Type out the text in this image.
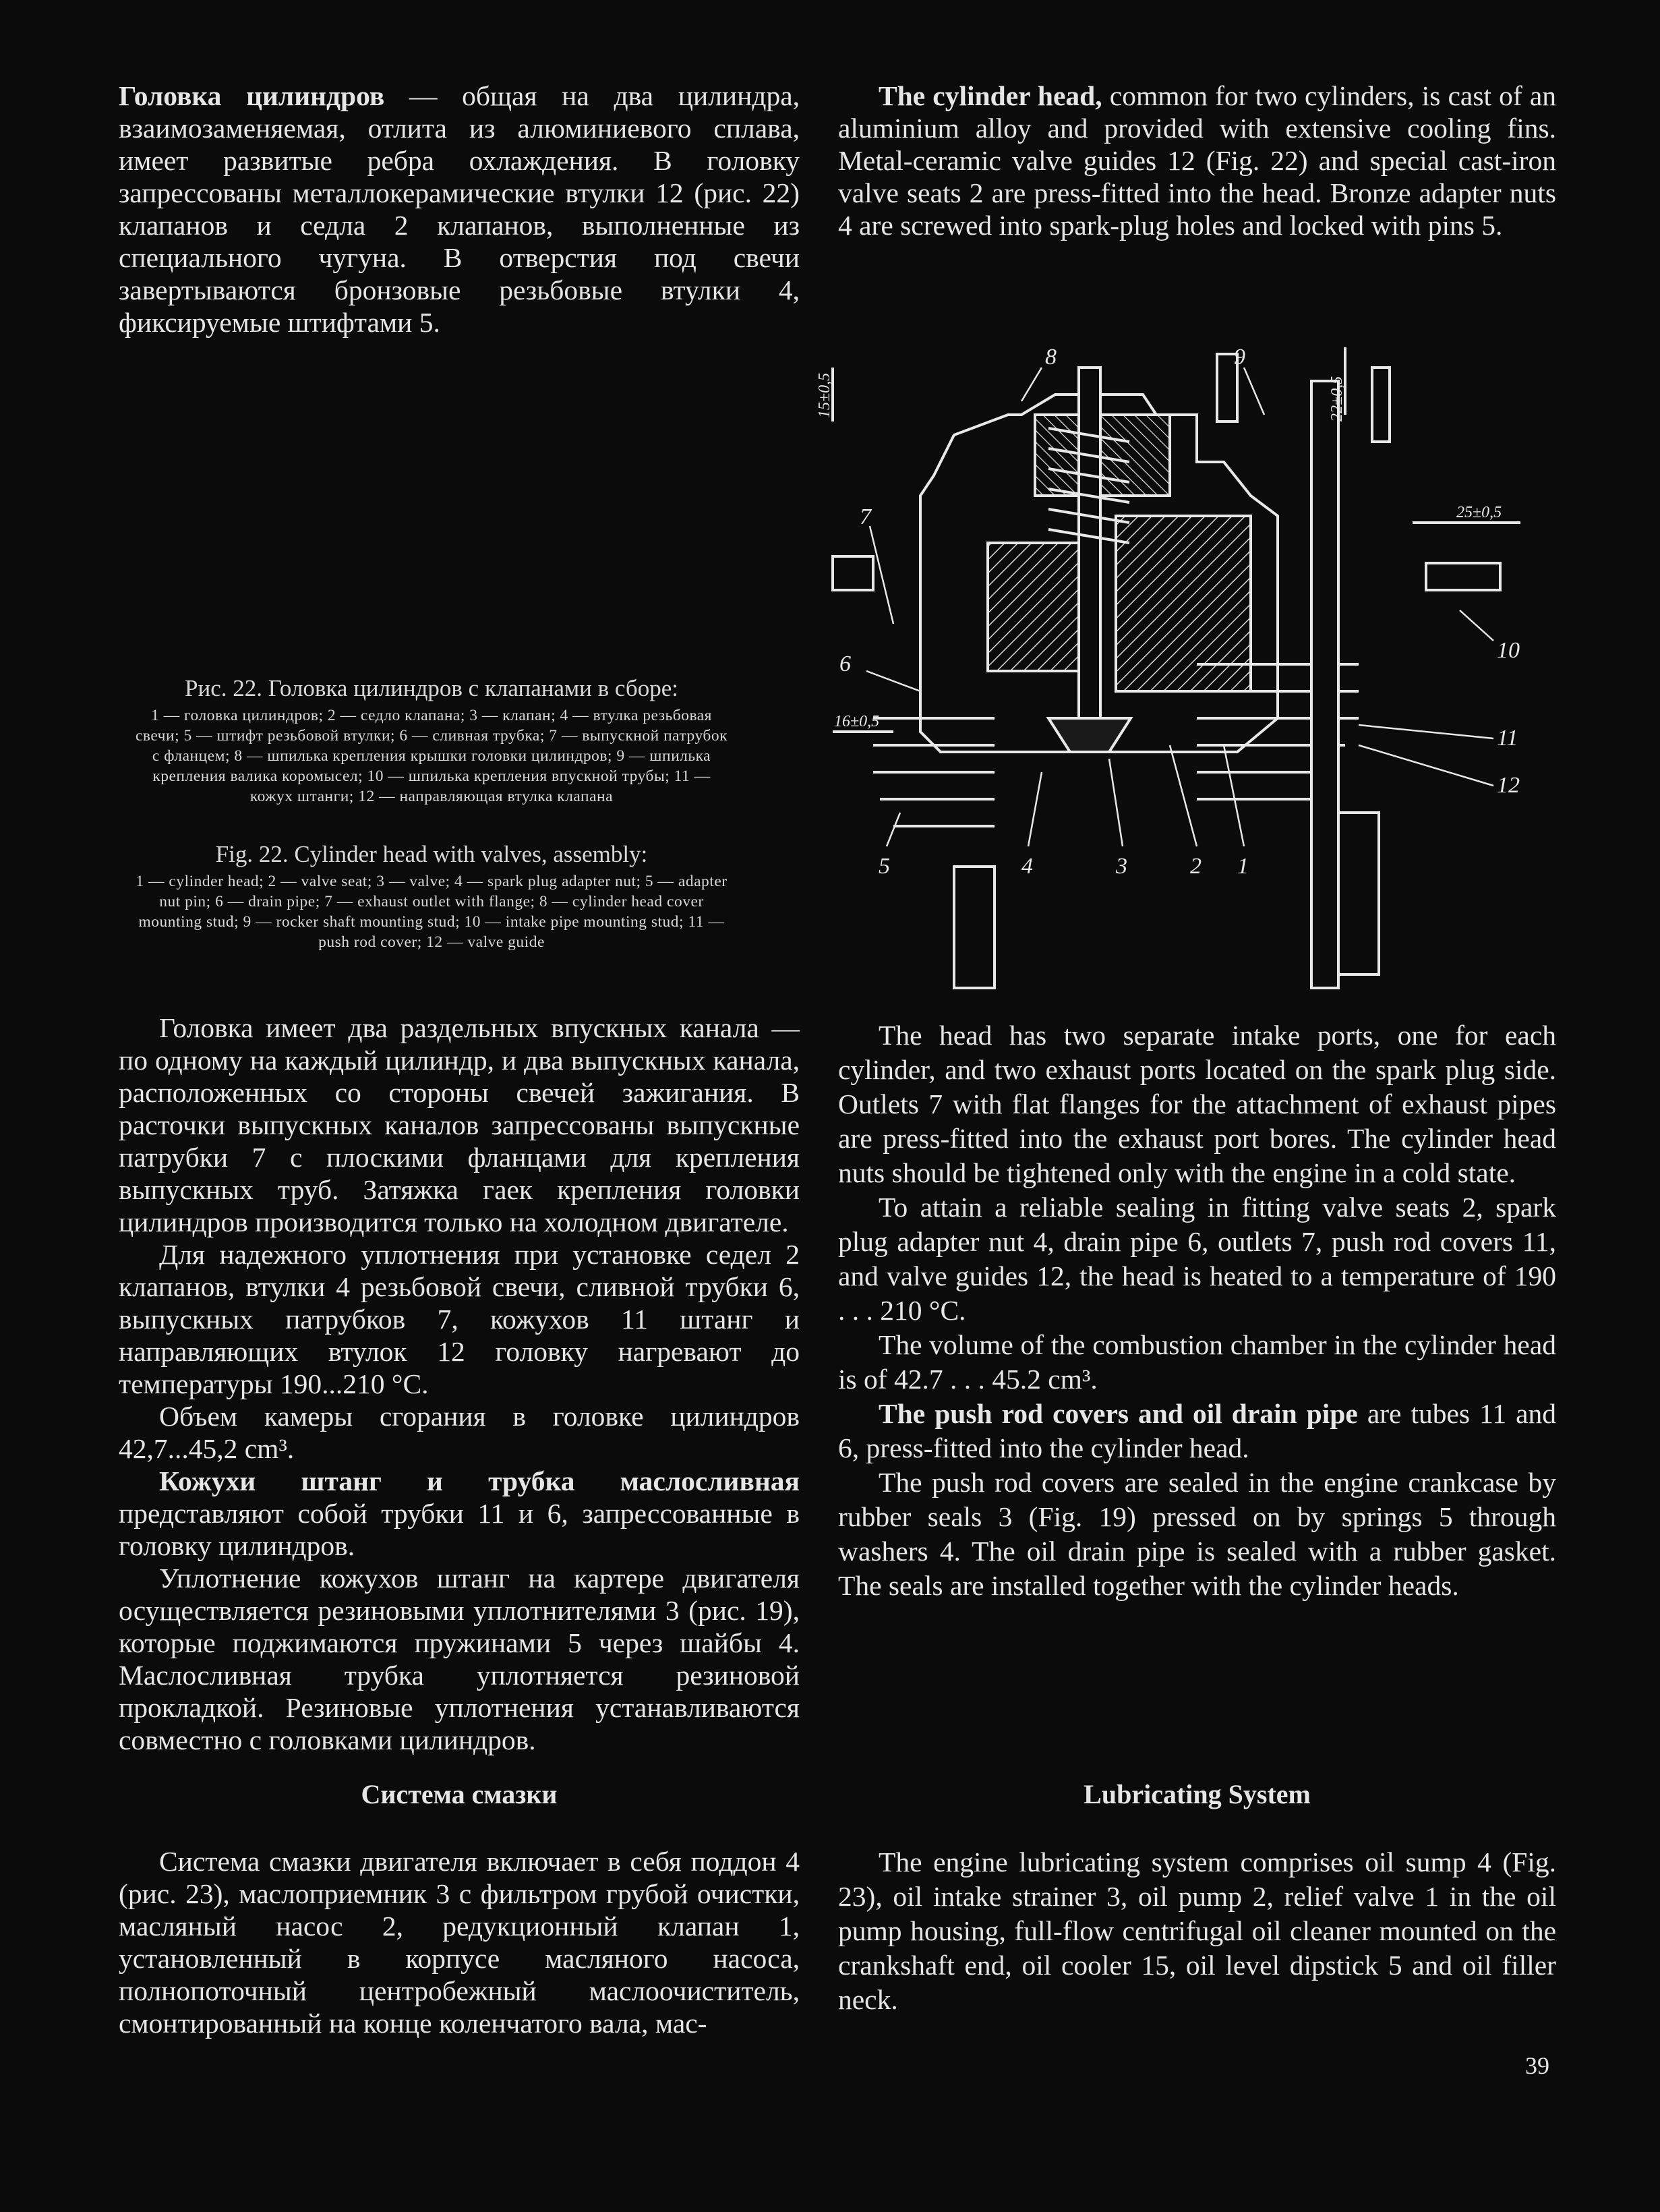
Головка цилиндров — общая на два цилиндра, взаимозаменяемая, отлита из алюминиевого сплава, имеет развитые ребра охлаждения. В головку запрессованы металлокерамические втулки 12 (рис. 22) клапанов и седла 2 клапанов, выполненные из специального чугуна. В отверстия под свечи завертываются бронзовые резьбовые втулки 4, фиксируемые штифтами 5.

Головка имеет два раздельных впускных канала — по одному на каждый цилиндр, и два выпускных канала, расположенных со стороны свечей зажигания. В расточки выпускных каналов запрессованы выпускные патрубки 7 с плоскими фланцами для крепления выпускных труб. Затяжка гаек крепления головки цилиндров производится только на холодном двигателе.

Для надежного уплотнения при установке седел 2 клапанов, втулки 4 резьбовой свечи, сливной трубки 6, выпускных патрубков 7, кожухов 11 штанг и направляющих втулок 12 головку нагревают до температуры 190...210 °С.

Объем камеры сгорания в головке цилиндров 42,7...45,2 cm³.

Кожухи штанг и трубка маслосливная представляют собой трубки 11 и 6, запрессованные в головку цилиндров.

Уплотнение кожухов штанг на картере двигателя осуществляется резиновыми уплотнителями 3 (рис. 19), которые поджимаются пружинами 5 через шайбы 4. Маслосливная трубка уплотняется резиновой прокладкой. Резиновые уплотнения устанавливаются совместно с головками цилиндров.

Система смазки

Система смазки двигателя включает в себя поддон 4 (рис. 23), маслоприемник 3 с фильтром грубой очистки, масляный насос 2, редукционный клапан 1, установленный в корпусе масляного насоса, полнопоточный центробежный маслоочиститель, смонтированный на конце коленчатого вала, мас-

The cylinder head, common for two cylinders, is cast of an aluminium alloy and provided with extensive cooling fins. Metal-ceramic valve guides 12 (Fig. 22) and special cast-iron valve seats 2 are press-fitted into the head. Bronze adapter nuts 4 are screwed into spark-plug holes and locked with pins 5.

The head has two separate intake ports, one for each cylinder, and two exhaust ports located on the spark plug side. Outlets 7 with flat flanges for the attachment of exhaust pipes are press-fitted into the exhaust port bores. The cylinder head nuts should be tightened only with the engine in a cold state.

To attain a reliable sealing in fitting valve seats 2, spark plug adapter nut 4, drain pipe 6, outlets 7, push rod covers 11, and valve guides 12, the head is heated to a temperature of 190 . . . 210 °С.

The volume of the combustion chamber in the cylinder head is of 42.7 . . . 45.2 cm³.

The push rod covers and oil drain pipe are tubes 11 and 6, press-fitted into the cylinder head.

The push rod covers are sealed in the engine crankcase by rubber seals 3 (Fig. 19) pressed on by springs 5 through washers 4. The oil drain pipe is sealed with a rubber gasket. The seals are installed together with the cylinder heads.

Lubricating System

The engine lubricating system comprises oil sump 4 (Fig. 23), oil intake strainer 3, oil pump 2, relief valve 1 in the oil pump housing, full-flow centrifugal oil cleaner mounted on the crankshaft end, oil cooler 15, oil level dipstick 5 and oil filler neck.

Рис. 22. Головка цилиндров с клапанами в сборе:
1 — головка цилиндров; 2 — седло клапана; 3 — клапан; 4 — втулка резьбовая свечи; 5 — штифт резьбовой втулки; 6 — сливная трубка; 7 — выпускной патрубок с фланцем; 8 — шпилька крепления крышки головки цилиндров; 9 — шпилька крепления валика коромысел; 10 — шпилька крепления впускной трубы; 11 — кожух штанги; 12 — направляющая втулка клапана
Fig. 22. Cylinder head with valves, assembly:
1 — cylinder head; 2 — valve seat; 3 — valve; 4 — spark plug adapter nut; 5 — adapter nut pin; 6 — drain pipe; 7 — exhaust outlet with flange; 8 — cylinder head cover mounting stud; 9 — rocker shaft mounting stud; 10 — intake pipe mounting stud; 11 — push rod cover; 12 — valve guide
8	9
7
10
6
11
12
5	4	3	2 1
15±0,5	22±0,5
25±0,5
16±0,5
39
